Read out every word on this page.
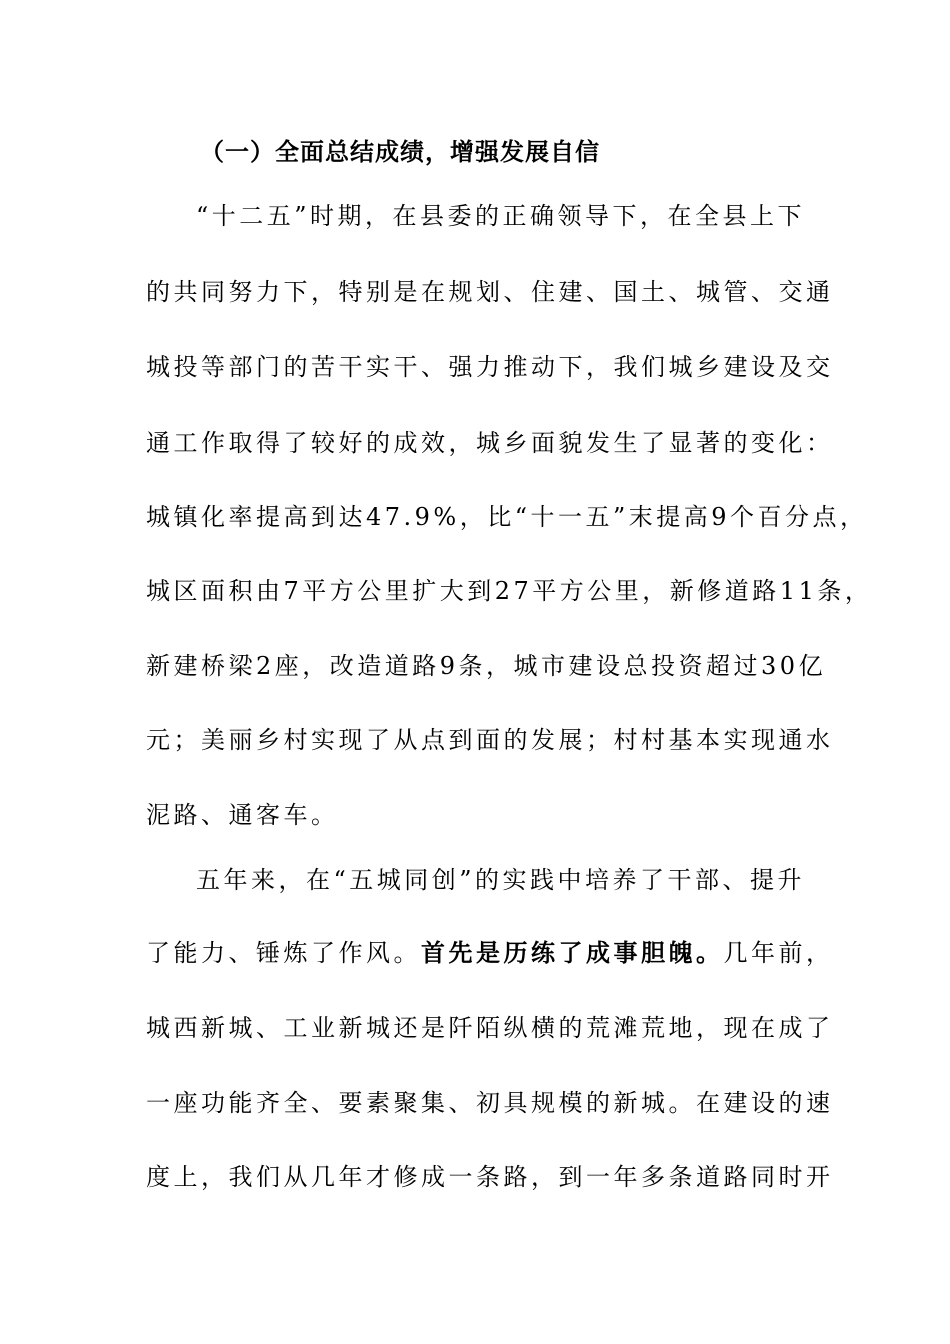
（一）全面总结成绩，增强发展自信
“十二五”时期，在县委的正确领导下，在全县上下
的共同努力下，特别是在规划、住建、国土、城管、交通
城投等部门的苦干实干、强力推动下，我们城乡建设及交
通工作取得了较好的成效，城乡面貌发生了显著的变化：
城镇化率提高到达47.9%，比“十一五”末提高9个百分点，
城区面积由7平方公里扩大到27平方公里，新修道路11条，
新建桥梁2座，改造道路9条，城市建设总投资超过30亿
元；美丽乡村实现了从点到面的发展；村村基本实现通水
泥路、通客车。
五年来，在“五城同创”的实践中培养了干部、提升
了能力、锤炼了作风。首先是历练了成事胆魄。几年前，
城西新城、工业新城还是阡陌纵横的荒滩荒地，现在成了
一座功能齐全、要素聚集、初具规模的新城。在建设的速
度上，我们从几年才修成一条路，到一年多条道路同时开
